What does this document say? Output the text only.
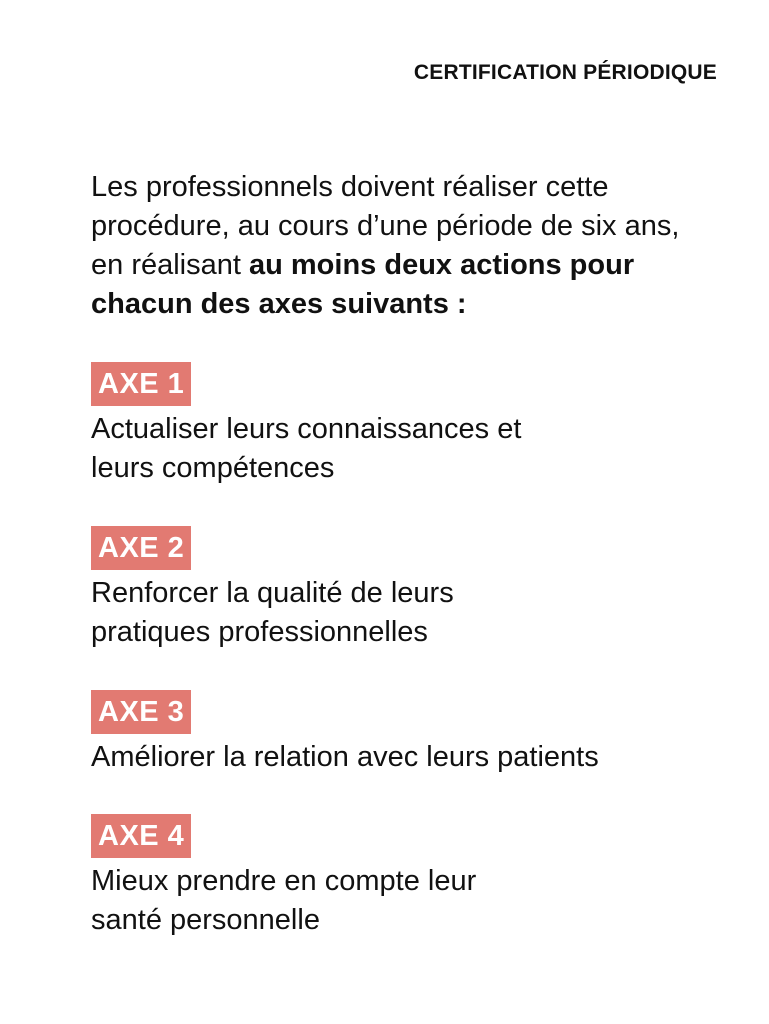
CERTIFICATION PÉRIODIQUE
Les professionnels doivent réaliser cette procédure, au cours d’une période de six ans, en réalisant au moins deux actions pour chacun des axes suivants :
AXE 1
Actualiser leurs connaissances et
leurs compétences
AXE 2
Renforcer la qualité de leurs
pratiques professionnelles
AXE 3
Améliorer la relation avec leurs patients
AXE 4
Mieux prendre en compte leur
santé personnelle
